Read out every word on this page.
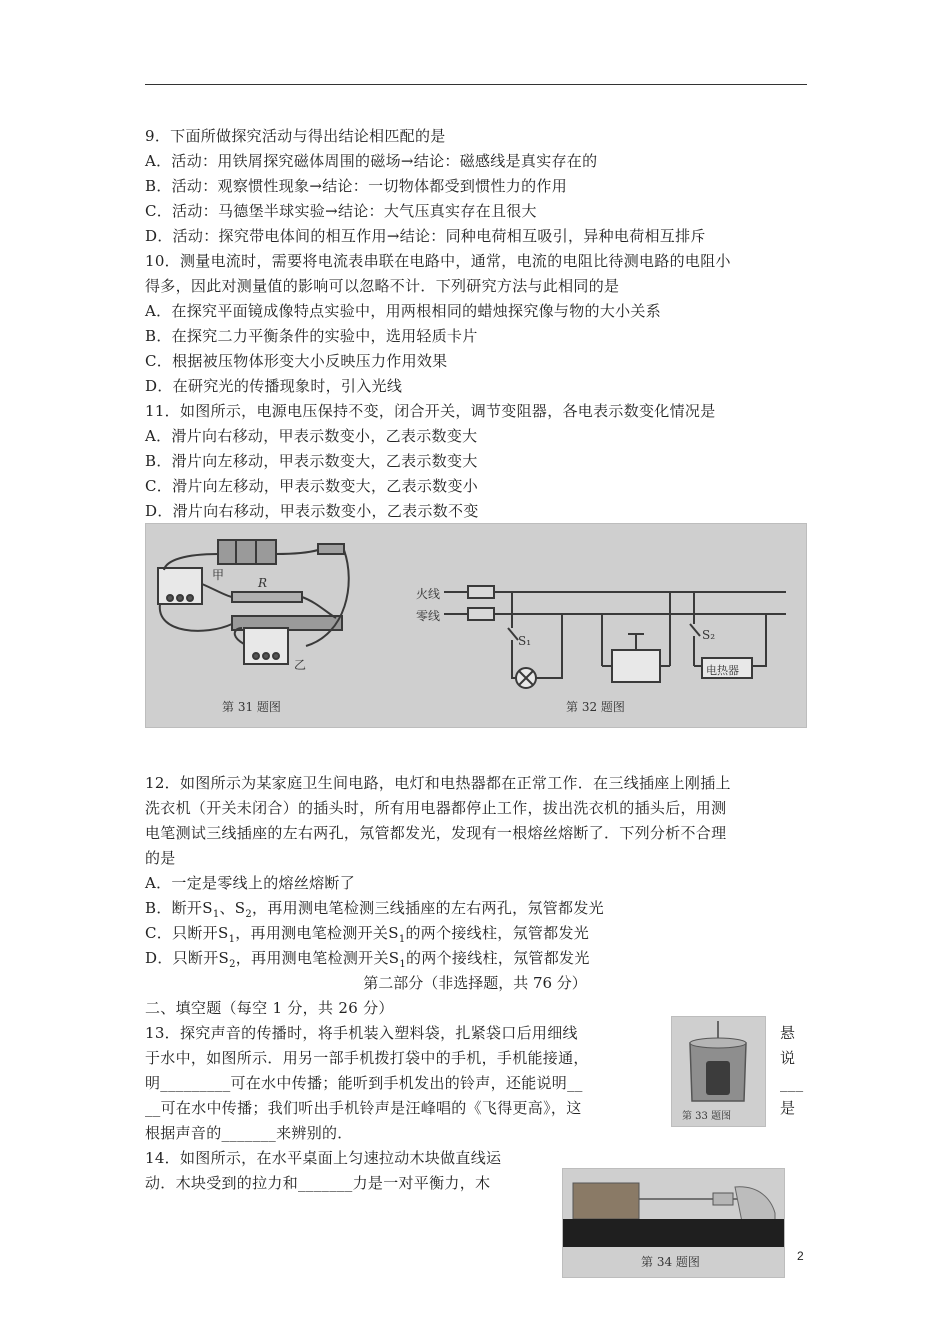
9．下面所做探究活动与得出结论相匹配的是
A．活动：用铁屑探究磁体周围的磁场→结论：磁感线是真实存在的
B．活动：观察惯性现象→结论：一切物体都受到惯性力的作用
C．活动：马德堡半球实验→结论：大气压真实存在且很大
D．活动：探究带电体间的相互作用→结论：同种电荷相互吸引，异种电荷相互排斥
10．测量电流时，需要将电流表串联在电路中，通常，电流的电阻比待测电路的电阻小
得多，因此对测量值的影响可以忽略不计．下列研究方法与此相同的是
A．在探究平面镜成像特点实验中，用两根相同的蜡烛探究像与物的大小关系
B．在探究二力平衡条件的实验中，选用轻质卡片
C．根据被压物体形变大小反映压力作用效果
D．在研究光的传播现象时，引入光线
11．如图所示，电源电压保持不变，闭合开关，调节变阻器，各电表示数变化情况是
A．滑片向右移动，甲表示数变小，乙表示数变大
B．滑片向左移动，甲表示数变大，乙表示数变大
C．滑片向左移动，甲表示数变大，乙表示数变小
D．滑片向右移动，甲表示数变小，乙表示数不变
甲
R
乙
第 31 题图
火线
零线
S₁	S₂
电热器
第 32 题图
12．如图所示为某家庭卫生间电路，电灯和电热器都在正常工作．在三线插座上刚插上
洗衣机（开关未闭合）的插头时，所有用电器都停止工作，拔出洗衣机的插头后，用测
电笔测试三线插座的左右两孔，氖管都发光，发现有一根熔丝熔断了．下列分析不合理
的是
A．一定是零线上的熔丝熔断了
B．断开$S_1$、$S_2$，再用测电笔检测三线插座的左右两孔，氖管都发光
C．只断开$S_1$，再用测电笔检测开关$S_1$的两个接线柱，氖管都发光
D．只断开$S_2$，再用测电笔检测开关$S_1$的两个接线柱，氖管都发光
第二部分（非选择题，共 76 分）
二、填空题（每空 1 分，共 26 分）
13．探究声音的传播时，将手机装入塑料袋，扎紧袋口后用细线
于水中，如图所示．用另一部手机拨打袋中的手机，手机能接通，
明_________可在水中传播；能听到手机发出的铃声，还能说明__
__可在水中传播；我们听出手机铃声是汪峰唱的《飞得更高》，这
根据声音的_______来辨别的．
悬
说
___
是
第 33 题图
14．如图所示，在水平桌面上匀速拉动木块做直线运
动．木块受到的拉力和_______力是一对平衡力，木
第 34 题图	2
